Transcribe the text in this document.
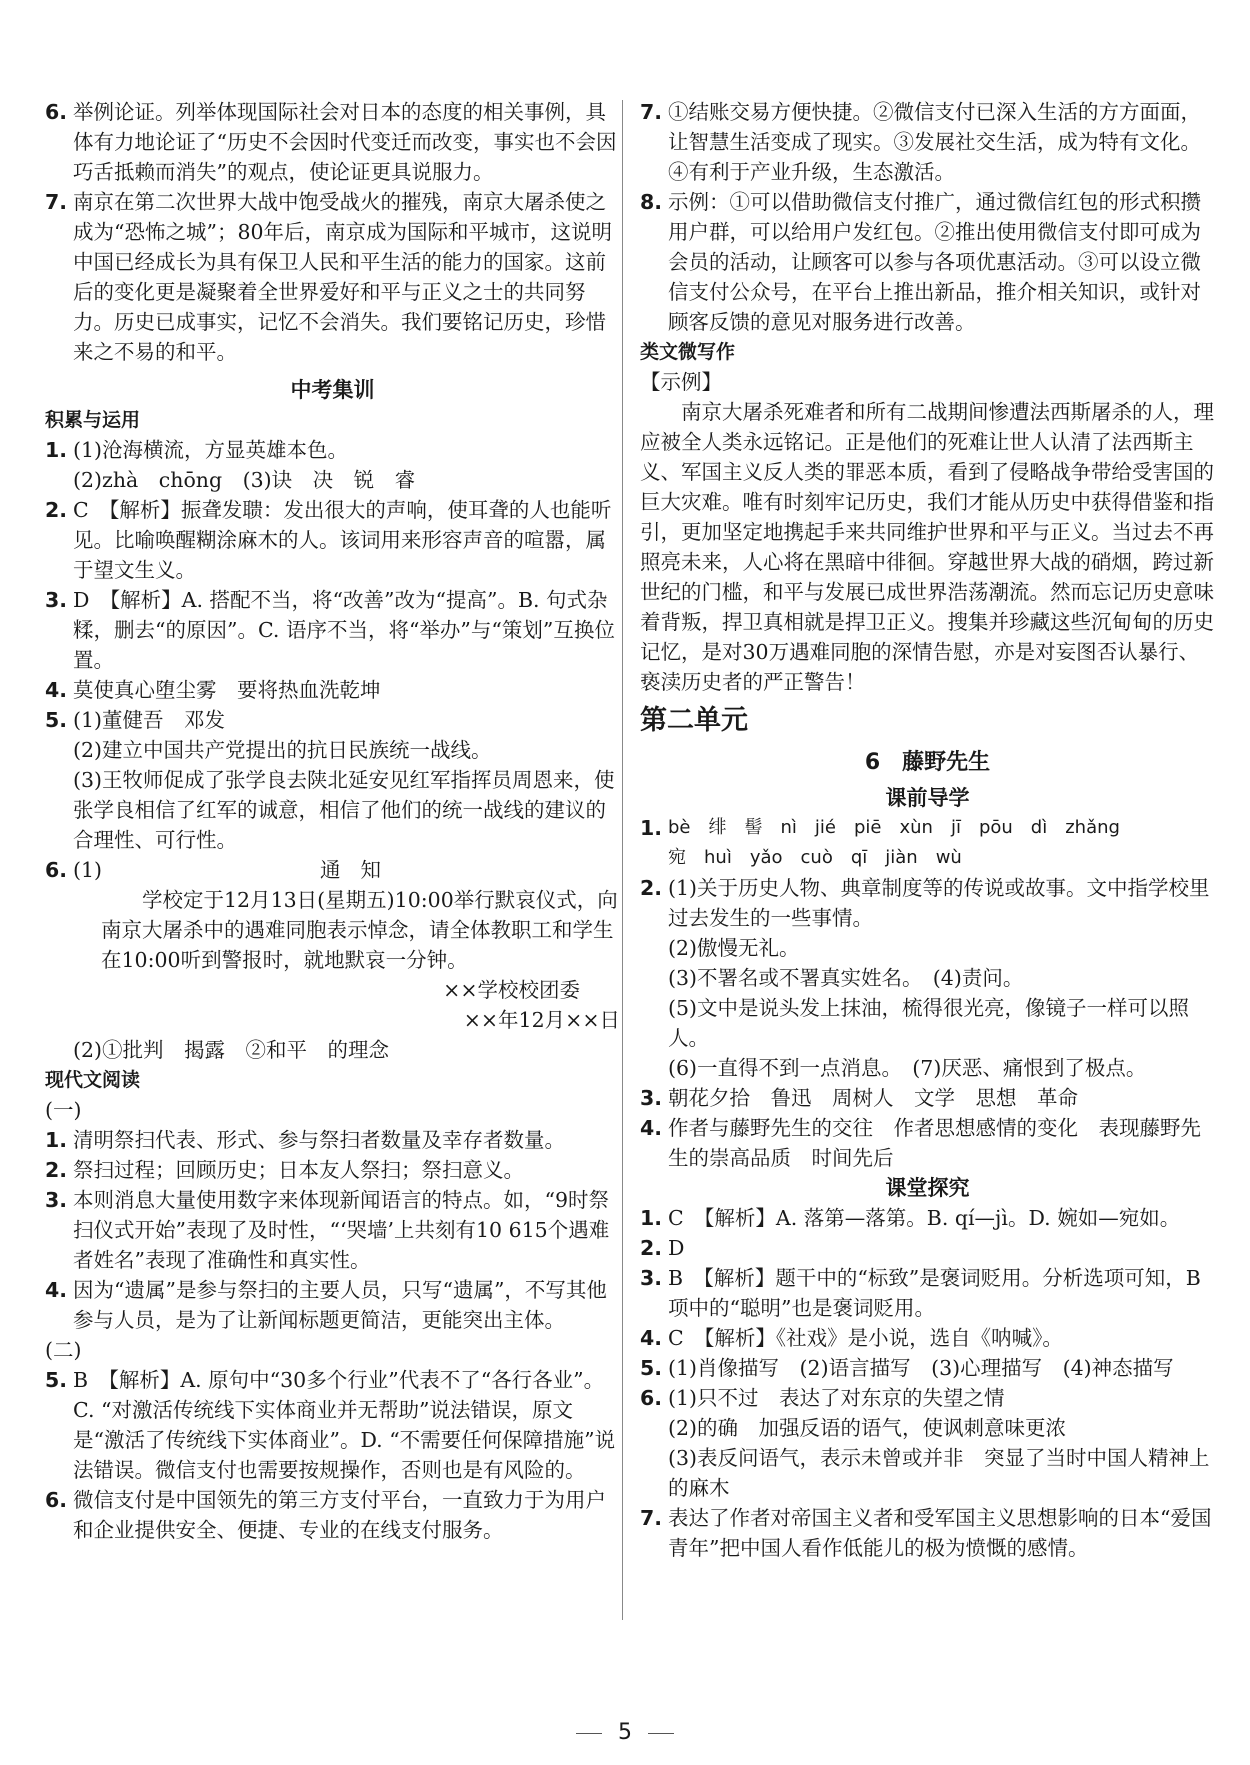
6. 举例论证。列举体现国际社会对日本的态度的相关事例，具体有力地论证了“历史不会因时代变迁而改变，事实也不会因巧舌抵赖而消失”的观点，使论证更具说服力。
7. 南京在第二次世界大战中饱受战火的摧残，南京大屠杀使之成为“恐怖之城”；80年后，南京成为国际和平城市，这说明中国已经成长为具有保卫人民和平生活的能力的国家。这前后的变化更是凝聚着全世界爱好和平与正义之士的共同努力。历史已成事实，记忆不会消失。我们要铭记历史，珍惜来之不易的和平。
中考集训
积累与运用
1. (1)沧海横流，方显英雄本色。
(2)zhà　chōng　(3)诀　决　锐　睿
2. C　【解析】振聋发聩：发出很大的声响，使耳聋的人也能听见。比喻唤醒糊涂麻木的人。该词用来形容声音的喧嚣，属于望文生义。
3. D　【解析】A. 搭配不当，将“改善”改为“提高”。B. 句式杂糅，删去“的原因”。C. 语序不当，将“举办”与“策划”互换位置。
4. 莫使真心堕尘雾　要将热血洗乾坤
5. (1)董健吾　邓发
(2)建立中国共产党提出的抗日民族统一战线。
(3)王牧师促成了张学良去陕北延安见红军指挥员周恩来，使张学良相信了红军的诚意，相信了他们的统一战线的建议的合理性、可行性。
6. (1)	通知
学校定于12月13日(星期五)10:00举行默哀仪式，向南京大屠杀中的遇难同胞表示悼念，请全体教职工和学生在10:00听到警报时，就地默哀一分钟。
××学校校团委
××年12月××日
(2)①批判　揭露　②和平　的理念
现代文阅读
(一)
1. 清明祭扫代表、形式、参与祭扫者数量及幸存者数量。
2. 祭扫过程；回顾历史；日本友人祭扫；祭扫意义。
3. 本则消息大量使用数字来体现新闻语言的特点。如，“9时祭扫仪式开始”表现了及时性，“‘哭墙’上共刻有10 615个遇难者姓名”表现了准确性和真实性。
4. 因为“遗属”是参与祭扫的主要人员，只写“遗属”，不写其他参与人员，是为了让新闻标题更简洁，更能突出主体。
(二)
5. B　【解析】A. 原句中“30多个行业”代表不了“各行各业”。C. “对激活传统线下实体商业并无帮助”说法错误，原文是“激活了传统线下实体商业”。D. “不需要任何保障措施”说法错误。微信支付也需要按规操作，否则也是有风险的。
6. 微信支付是中国领先的第三方支付平台，一直致力于为用户和企业提供安全、便捷、专业的在线支付服务。
7. ①结账交易方便快捷。②微信支付已深入生活的方方面面，让智慧生活变成了现实。③发展社交生活，成为特有文化。④有利于产业升级，生态激活。
8. 示例：①可以借助微信支付推广，通过微信红包的形式积攒用户群，可以给用户发红包。②推出使用微信支付即可成为会员的活动，让顾客可以参与各项优惠活动。③可以设立微信支付公众号，在平台上推出新品，推介相关知识，或针对顾客反馈的意见对服务进行改善。
类文微写作
【示例】
南京大屠杀死难者和所有二战期间惨遭法西斯屠杀的人，理应被全人类永远铭记。正是他们的死难让世人认清了法西斯主义、军国主义反人类的罪恶本质，看到了侵略战争带给受害国的巨大灾难。唯有时刻牢记历史，我们才能从历史中获得借鉴和指引，更加坚定地携起手来共同维护世界和平与正义。当过去不再照亮未来，人心将在黑暗中徘徊。穿越世界大战的硝烟，跨过新世纪的门槛，和平与发展已成世界浩荡潮流。然而忘记历史意味着背叛，捍卫真相就是捍卫正义。搜集并珍藏这些沉甸甸的历史记忆，是对30万遇难同胞的深情告慰，亦是对妄图否认暴行、亵渎历史者的严正警告！
第二单元
6　藤野先生
课前导学
1. bè　绯　髻　nì　jié　piē　xùn　jī　pōu　dì　zhǎng
宛　huì　yǎo　cuò　qī　jiàn　wù
2. (1)关于历史人物、典章制度等的传说或故事。文中指学校里过去发生的一些事情。
(2)傲慢无礼。
(3)不署名或不署真实姓名。　(4)责问。
(5)文中是说头发上抹油，梳得很光亮，像镜子一样可以照人。
(6)一直得不到一点消息。　(7)厌恶、痛恨到了极点。
3. 朝花夕拾　鲁迅　周树人　文学　思想　革命
4. 作者与藤野先生的交往　作者思想感情的变化　表现藤野先生的崇高品质　时间先后
课堂探究
1. C　【解析】A. 落第—落第。B. qí—jì。D. 婉如—宛如。
2. D
3. B　【解析】题干中的“标致”是褒词贬用。分析选项可知，B项中的“聪明”也是褒词贬用。
4. C　【解析】《社戏》是小说，选自《呐喊》。
5. (1)肖像描写　(2)语言描写　(3)心理描写　(4)神态描写
6. (1)只不过　表达了对东京的失望之情
(2)的确　加强反语的语气，使讽刺意味更浓
(3)表反问语气，表示未曾或并非　突显了当时中国人精神上的麻木
7. 表达了作者对帝国主义者和受军国主义思想影响的日本“爱国青年”把中国人看作低能儿的极为愤慨的感情。
5
